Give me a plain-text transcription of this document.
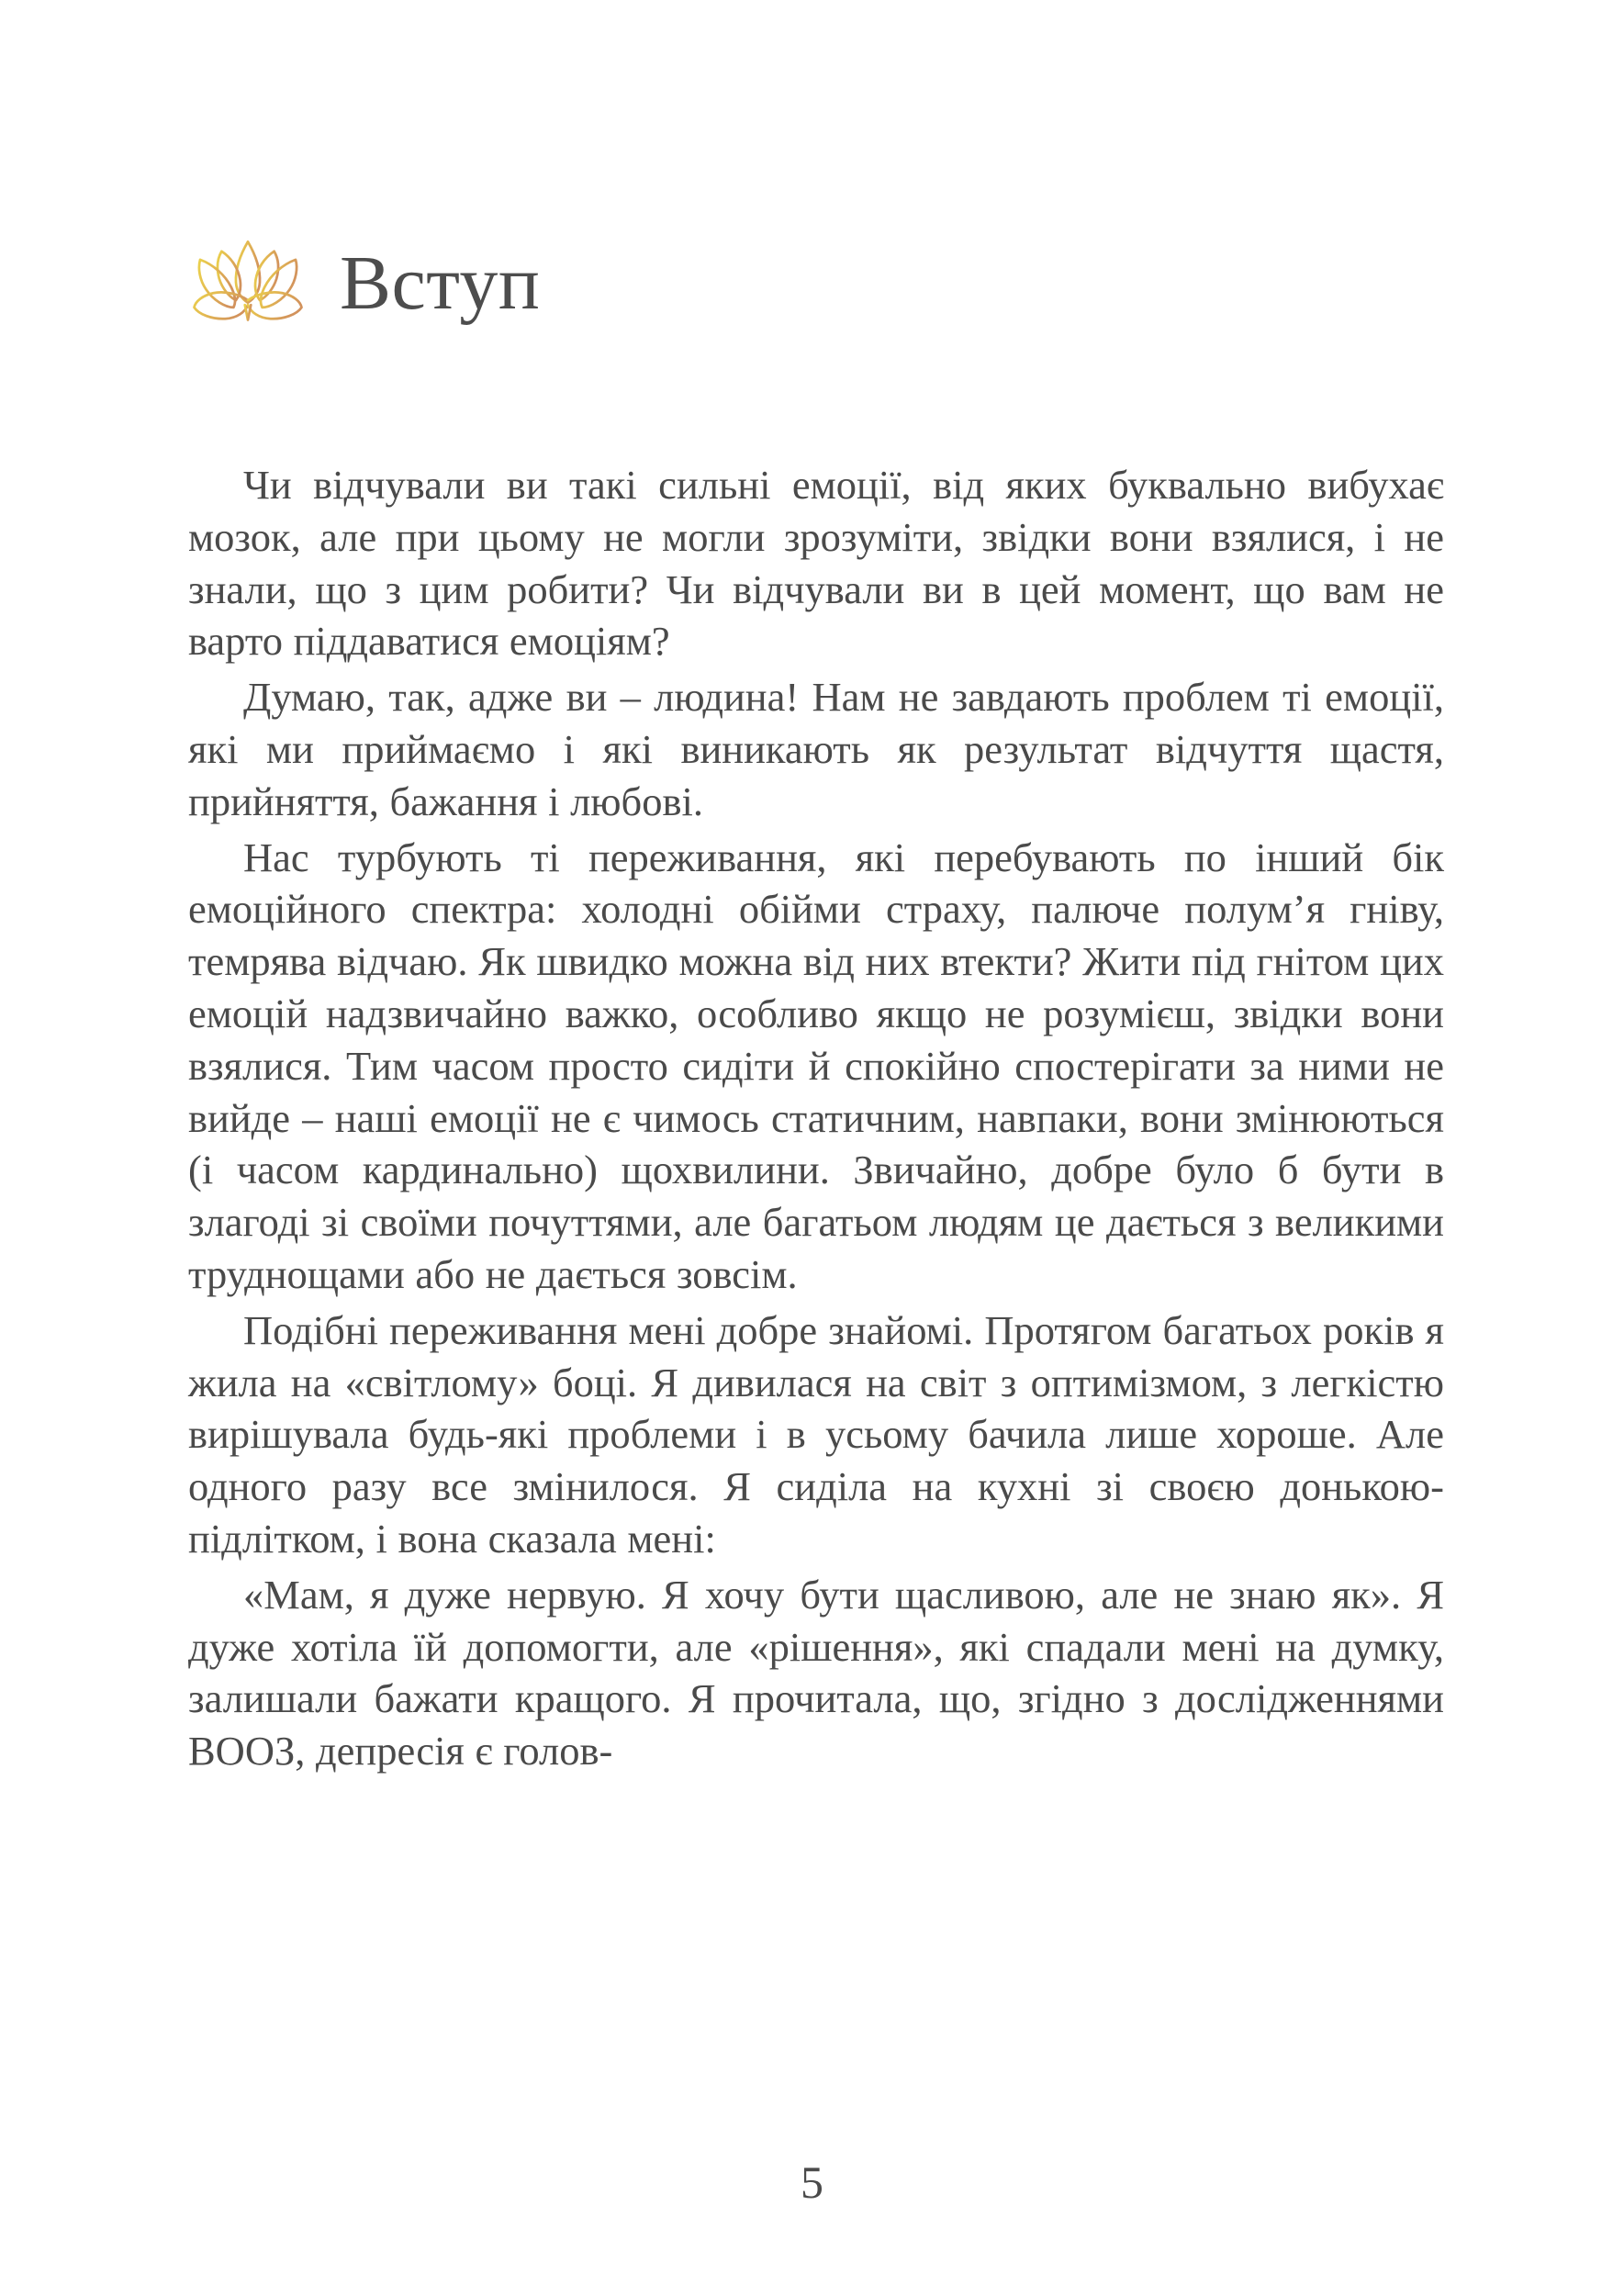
Вступ

Чи відчували ви такі сильні емоції, від яких буквально вибухає мозок, але при цьому не могли зрозуміти, звідки вони взялися, і не знали, що з цим робити? Чи відчували ви в цей момент, що вам не варто піддаватися емоціям?

Думаю, так, адже ви – людина! Нам не завдають проблем ті емоції, які ми приймаємо і які виникають як результат відчуття щастя, прийняття, бажання і любові.

Нас турбують ті переживання, які перебувають по інший бік емоційного спектра: холодні обійми страху, палюче полум’я гніву, темрява відчаю. Як швидко можна від них втекти? Жити під гнітом цих емоцій надзвичайно важко, особливо якщо не розумієш, звідки вони взялися. Тим часом просто сидіти й спокійно спостерігати за ними не вийде – наші емоції не є чимось статичним, навпаки, вони змінюються (і часом кардинально) щохвилини. Звичайно, добре було б бути в злагоді зі своїми почуттями, але багатьом людям це дається з великими труднощами або не дається зовсім.

Подібні переживання мені добре знайомі. Протягом багатьох років я жила на «світлому» боці. Я дивилася на світ з оптимізмом, з легкістю вирішувала будь-які проблеми і в усьому бачила лише хороше. Але одного разу все змінилося. Я сиділа на кухні зі своєю донькою-підлітком, і вона сказала мені:

«Мам, я дуже нервую. Я хочу бути щасливою, але не знаю як». Я дуже хотіла їй допомогти, але «рішення», які спадали мені на думку, залишали бажати кращого. Я прочитала, що, згідно з дослідженнями ВООЗ, депресія є голов-

5
